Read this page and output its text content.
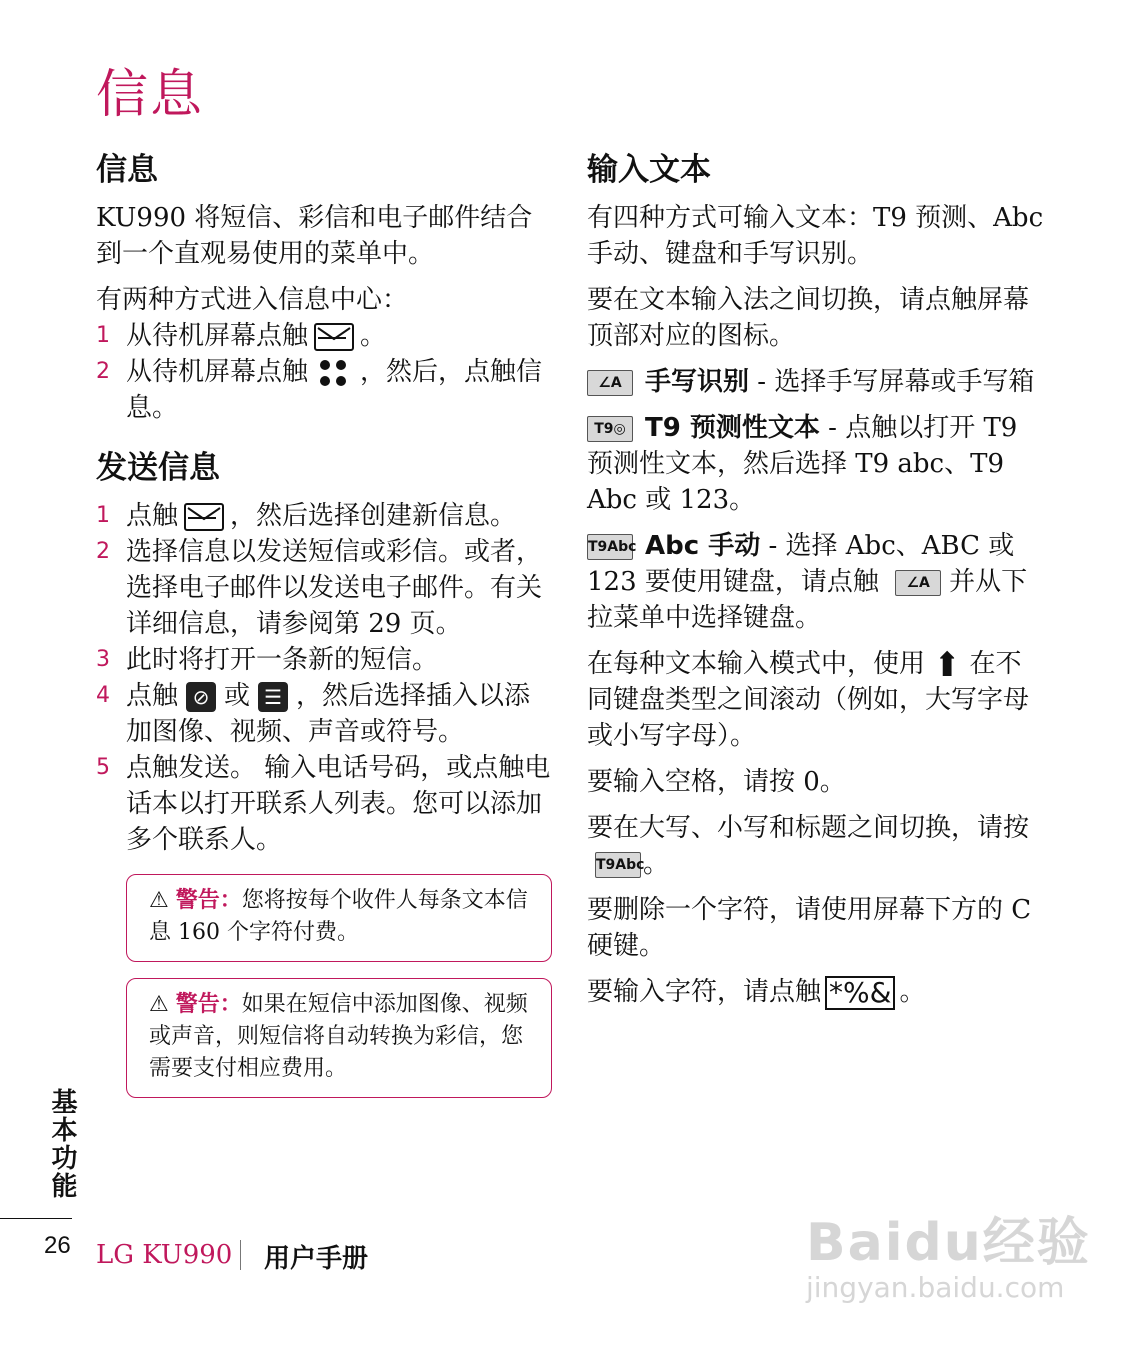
信息
信息

KU990 将短信、彩信和电子邮件结合到一个直观易使用的菜单中。

有两种方式进入信息中心：

1 从待机屏幕点触 。
2 从待机屏幕点触 ，然后，点触信息。
发送信息
1 点触 ，然后选择创建新信息。
2 选择信息以发送短信或彩信。或者，选择电子邮件以发送电子邮件。有关详细信息，请参阅第 29 页。
3 此时将打开一条新的短信。
4 点触 ⊘ 或 ☰ ，然后选择插入以添加图像、视频、声音或符号。
5 点触发送。 输入电话号码，或点触电话本以打开联系人列表。您可以添加多个联系人。
⚠ 警告：您将按每个收件人每条文本信息 160 个字符付费。
⚠ 警告：如果在短信中添加图像、视频或声音，则短信将自动转换为彩信，您需要支付相应费用。
输入文本

有四种方式可输入文本：T9 预测、Abc 手动、键盘和手写识别。

要在文本输入法之间切换，请点触屏幕顶部对应的图标。

∠A 手写识别 - 选择手写屏幕或手写箱

T9◎ T9 预测性文本 - 点触以打开 T9 预测性文本，然后选择 T9 abc、T9 Abc 或 123。

T9Abc Abc 手动 - 选择 Abc、ABC 或 123 要使用键盘，请点触 ∠A 并从下拉菜单中选择键盘。

在每种文本输入模式中，使用 ⬆ 在不同键盘类型之间滚动（例如，大写字母或小写字母）。

要输入空格，请按 0。

要在大写、小写和标题之间切换，请按T9Abc。

要删除一个字符，请使用屏幕下方的 C 硬键。

要输入字符，请点触 *%& 。

基本功能
26 LG KU990 用户手册	Baidu经验
jingyan.baidu.com
